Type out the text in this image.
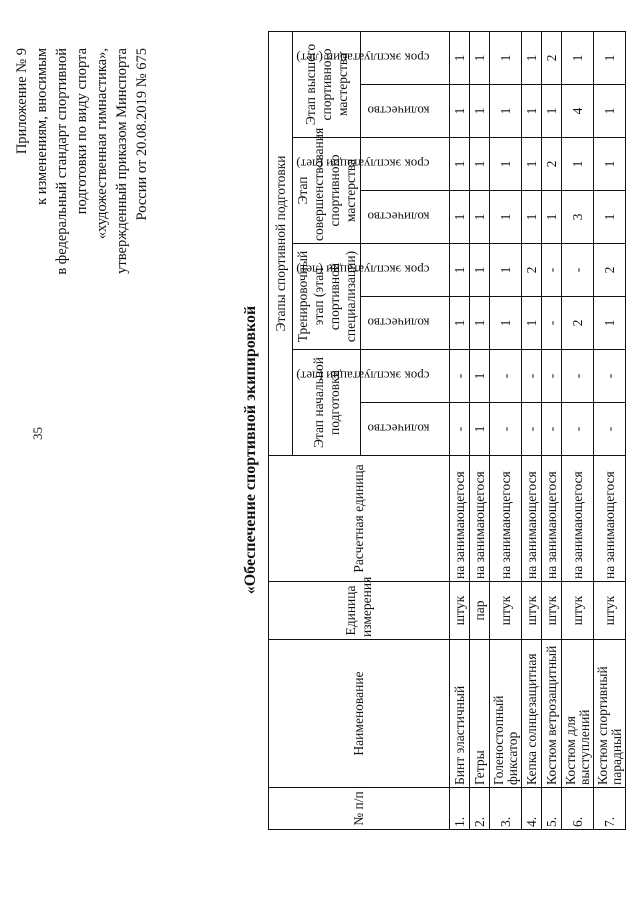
35
Приложение № 9 к изменениям, вносимым в федеральный стандарт спортивной подготовки по виду спорта «художественная гимнастика», утвержденный приказом Минспорта России от 20.08.2019 № 675
«Обеспечение спортивной экипировкой
№ п/п	Наименование	Единица измерения	Расчетная единица	Этапы спортивной подготовки							
				Этап начальной подготовки		Тренировочный этап (этап спортивной специализации)		Этап совершенствования спортивного мастерства		Этап высшего спортивного мастерства	

				количество	срок эксплуатации (лет)	количество	срок эксплуатации (лет)	количество	срок эксплуатации (лет)	количество	срок эксплуатации (лет)

1.	Бинт эластичный	штук	на занимающегося	-	-	1	1	1	1	1	1
2.	Гетры	пар	на занимающегося	1	1	1	1	1	1	1	1
3.	Голеностопный фиксатор	штук	на занимающегося	-	-	1	1	1	1	1	1
4.	Кепка солнцезащитная	штук	на занимающегося	-	-	1	2	1	1	1	1
5.	Костюм ветрозащитный	штук	на занимающегося	-	-	-	-	1	2	1	2
6.	Костюм для выступлений	штук	на занимающегося	-	-	2	-	3	1	4	1
7.	Костюм спортивный парадный	штук	на занимающегося	-	-	1	2	1	1	1	1
